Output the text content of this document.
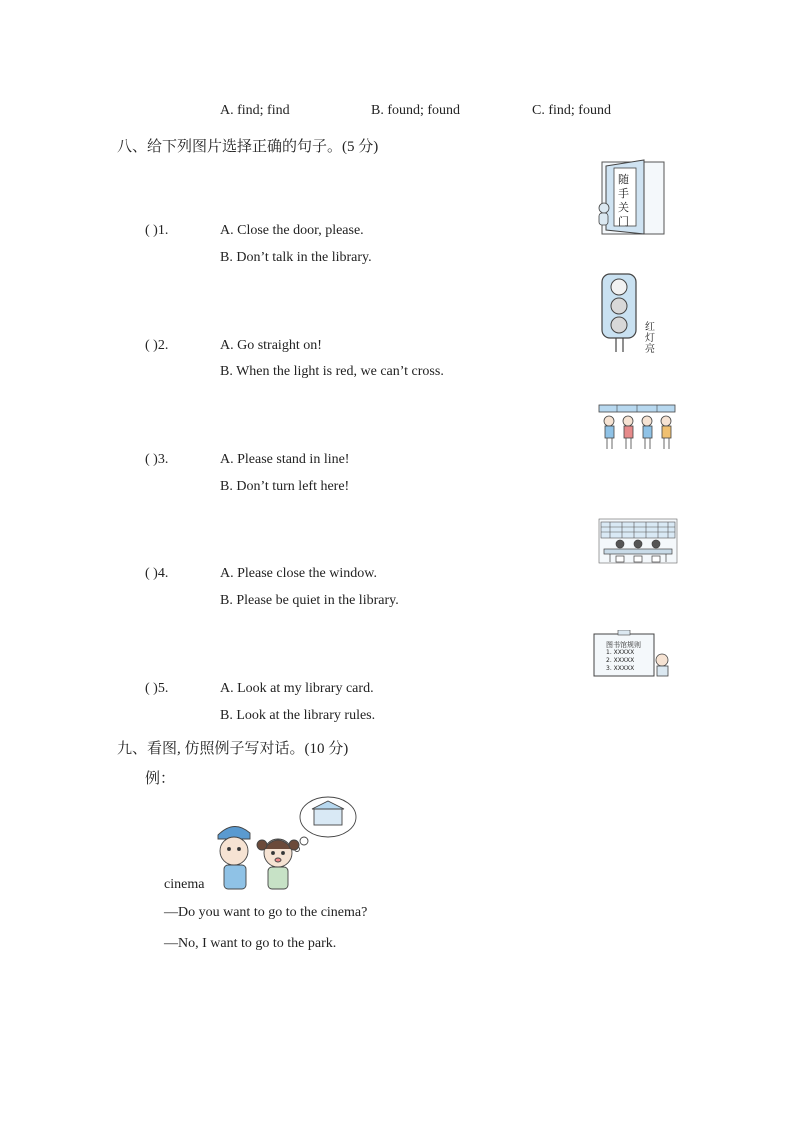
A. find; find	B. found; found	C. find; found
八、给下列图片选择正确的句子。(5 分)
( )1.	A. Close the door, please.
B. Don’t talk in the library.
( )2.	A. Go straight on!
B. When the light is red, we can’t cross.
( )3.	A. Please stand in line!
B. Don’t turn left here!
( )4.	A. Please close the window.
B. Please be quiet in the library.
( )5.	A. Look at my library card.
B. Look at the library rules.
随
手
关
门
红
灯
亮
图书馆规则
1. XXXXX
2. XXXXX
3. XXXXX
九、看图, 仿照例子写对话。(10 分)
例：
cinema
—Do you want to go to the cinema?
—No, I want to go to the park.
